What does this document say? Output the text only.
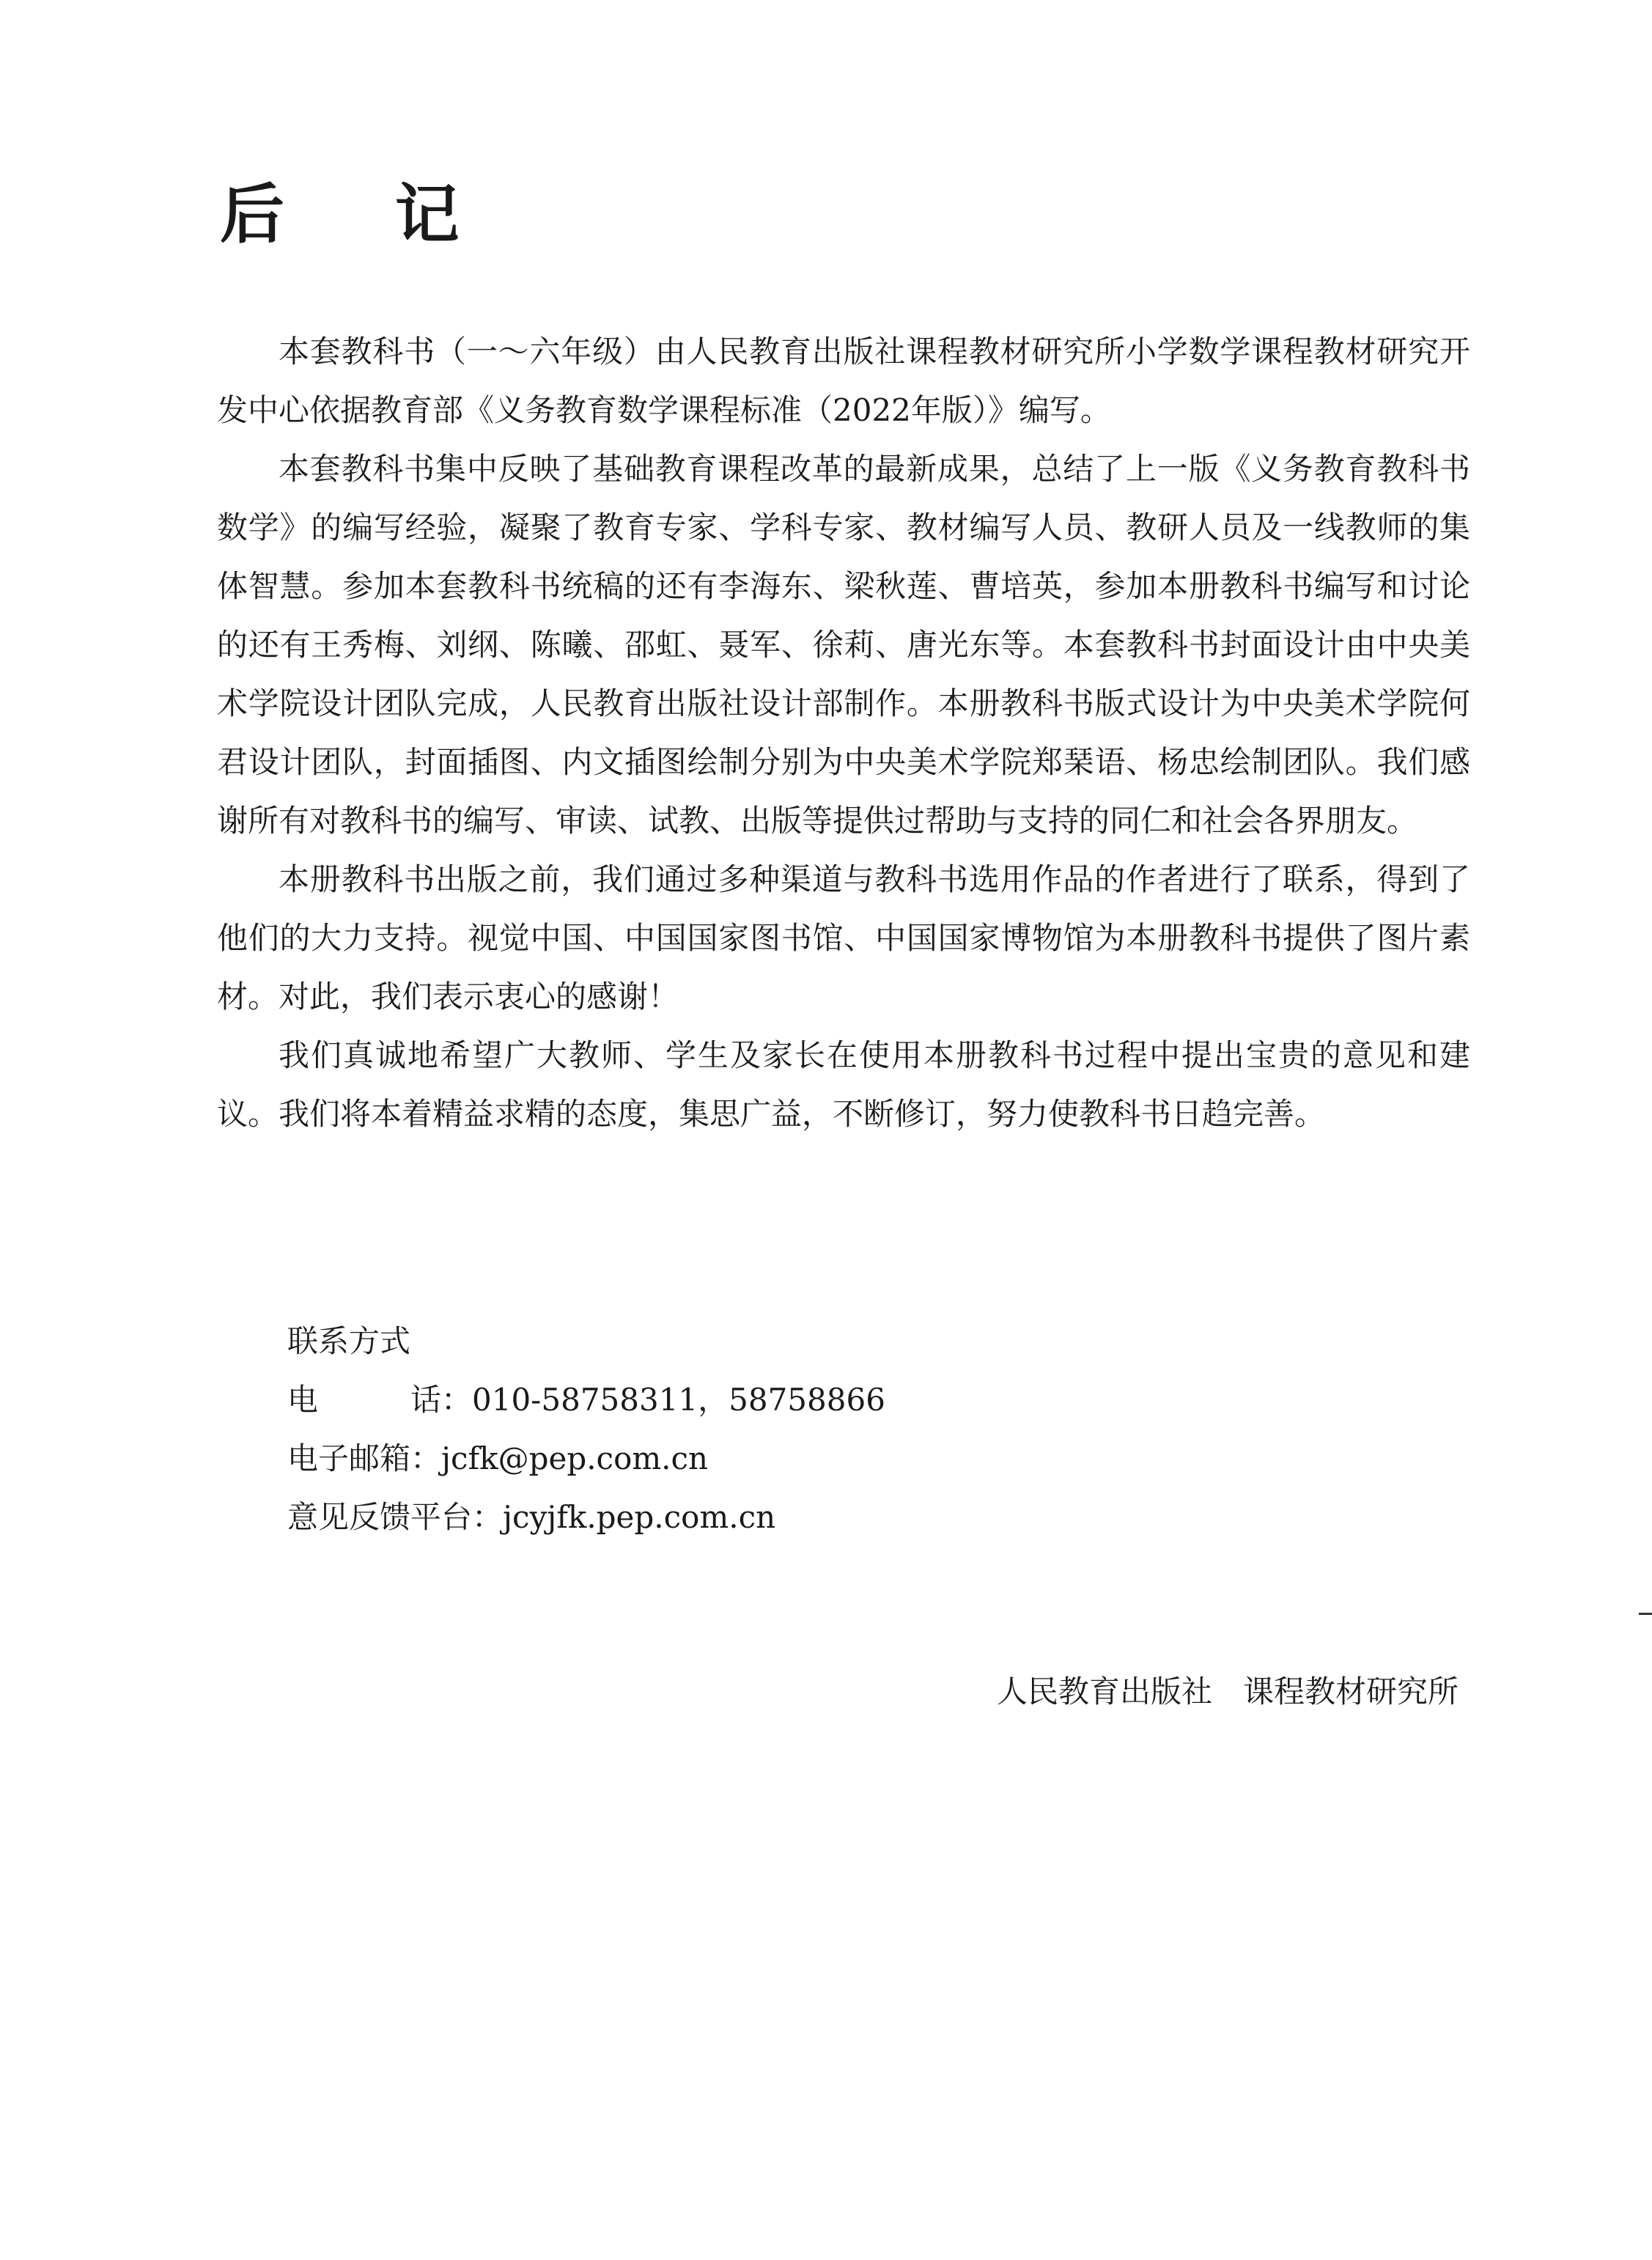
后 记

本套教科书（一～六年级）由人民教育出版社课程教材研究所小学数学课程教材研究开发中心依据教育部《义务教育数学课程标准（2022年版）》编写。

本套教科书集中反映了基础教育课程改革的最新成果，总结了上一版《义务教育教科书　数学》的编写经验，凝聚了教育专家、学科专家、教材编写人员、教研人员及一线教师的集体智慧。参加本套教科书统稿的还有李海东、梁秋莲、曹培英，参加本册教科书编写和讨论的还有王秀梅、刘纲、陈曦、邵虹、聂军、徐莉、唐光东等。本套教科书封面设计由中央美术学院设计团队完成，人民教育出版社设计部制作。本册教科书版式设计为中央美术学院何君设计团队，封面插图、内文插图绘制分别为中央美术学院郑琹语、杨忠绘制团队。我们感谢所有对教科书的编写、审读、试教、出版等提供过帮助与支持的同仁和社会各界朋友。

本册教科书出版之前，我们通过多种渠道与教科书选用作品的作者进行了联系，得到了他们的大力支持。视觉中国、中国国家图书馆、中国国家博物馆为本册教科书提供了图片素材。对此，我们表示衷心的感谢！

我们真诚地希望广大教师、学生及家长在使用本册教科书过程中提出宝贵的意见和建议。我们将本着精益求精的态度，集思广益，不断修订，努力使教科书日趋完善。

联系方式
电话：010-58758311，58758866
电子邮箱：jcfk@pep.com.cn
意见反馈平台：jcyjfk.pep.com.cn
人民教育出版社 课程教材研究所
